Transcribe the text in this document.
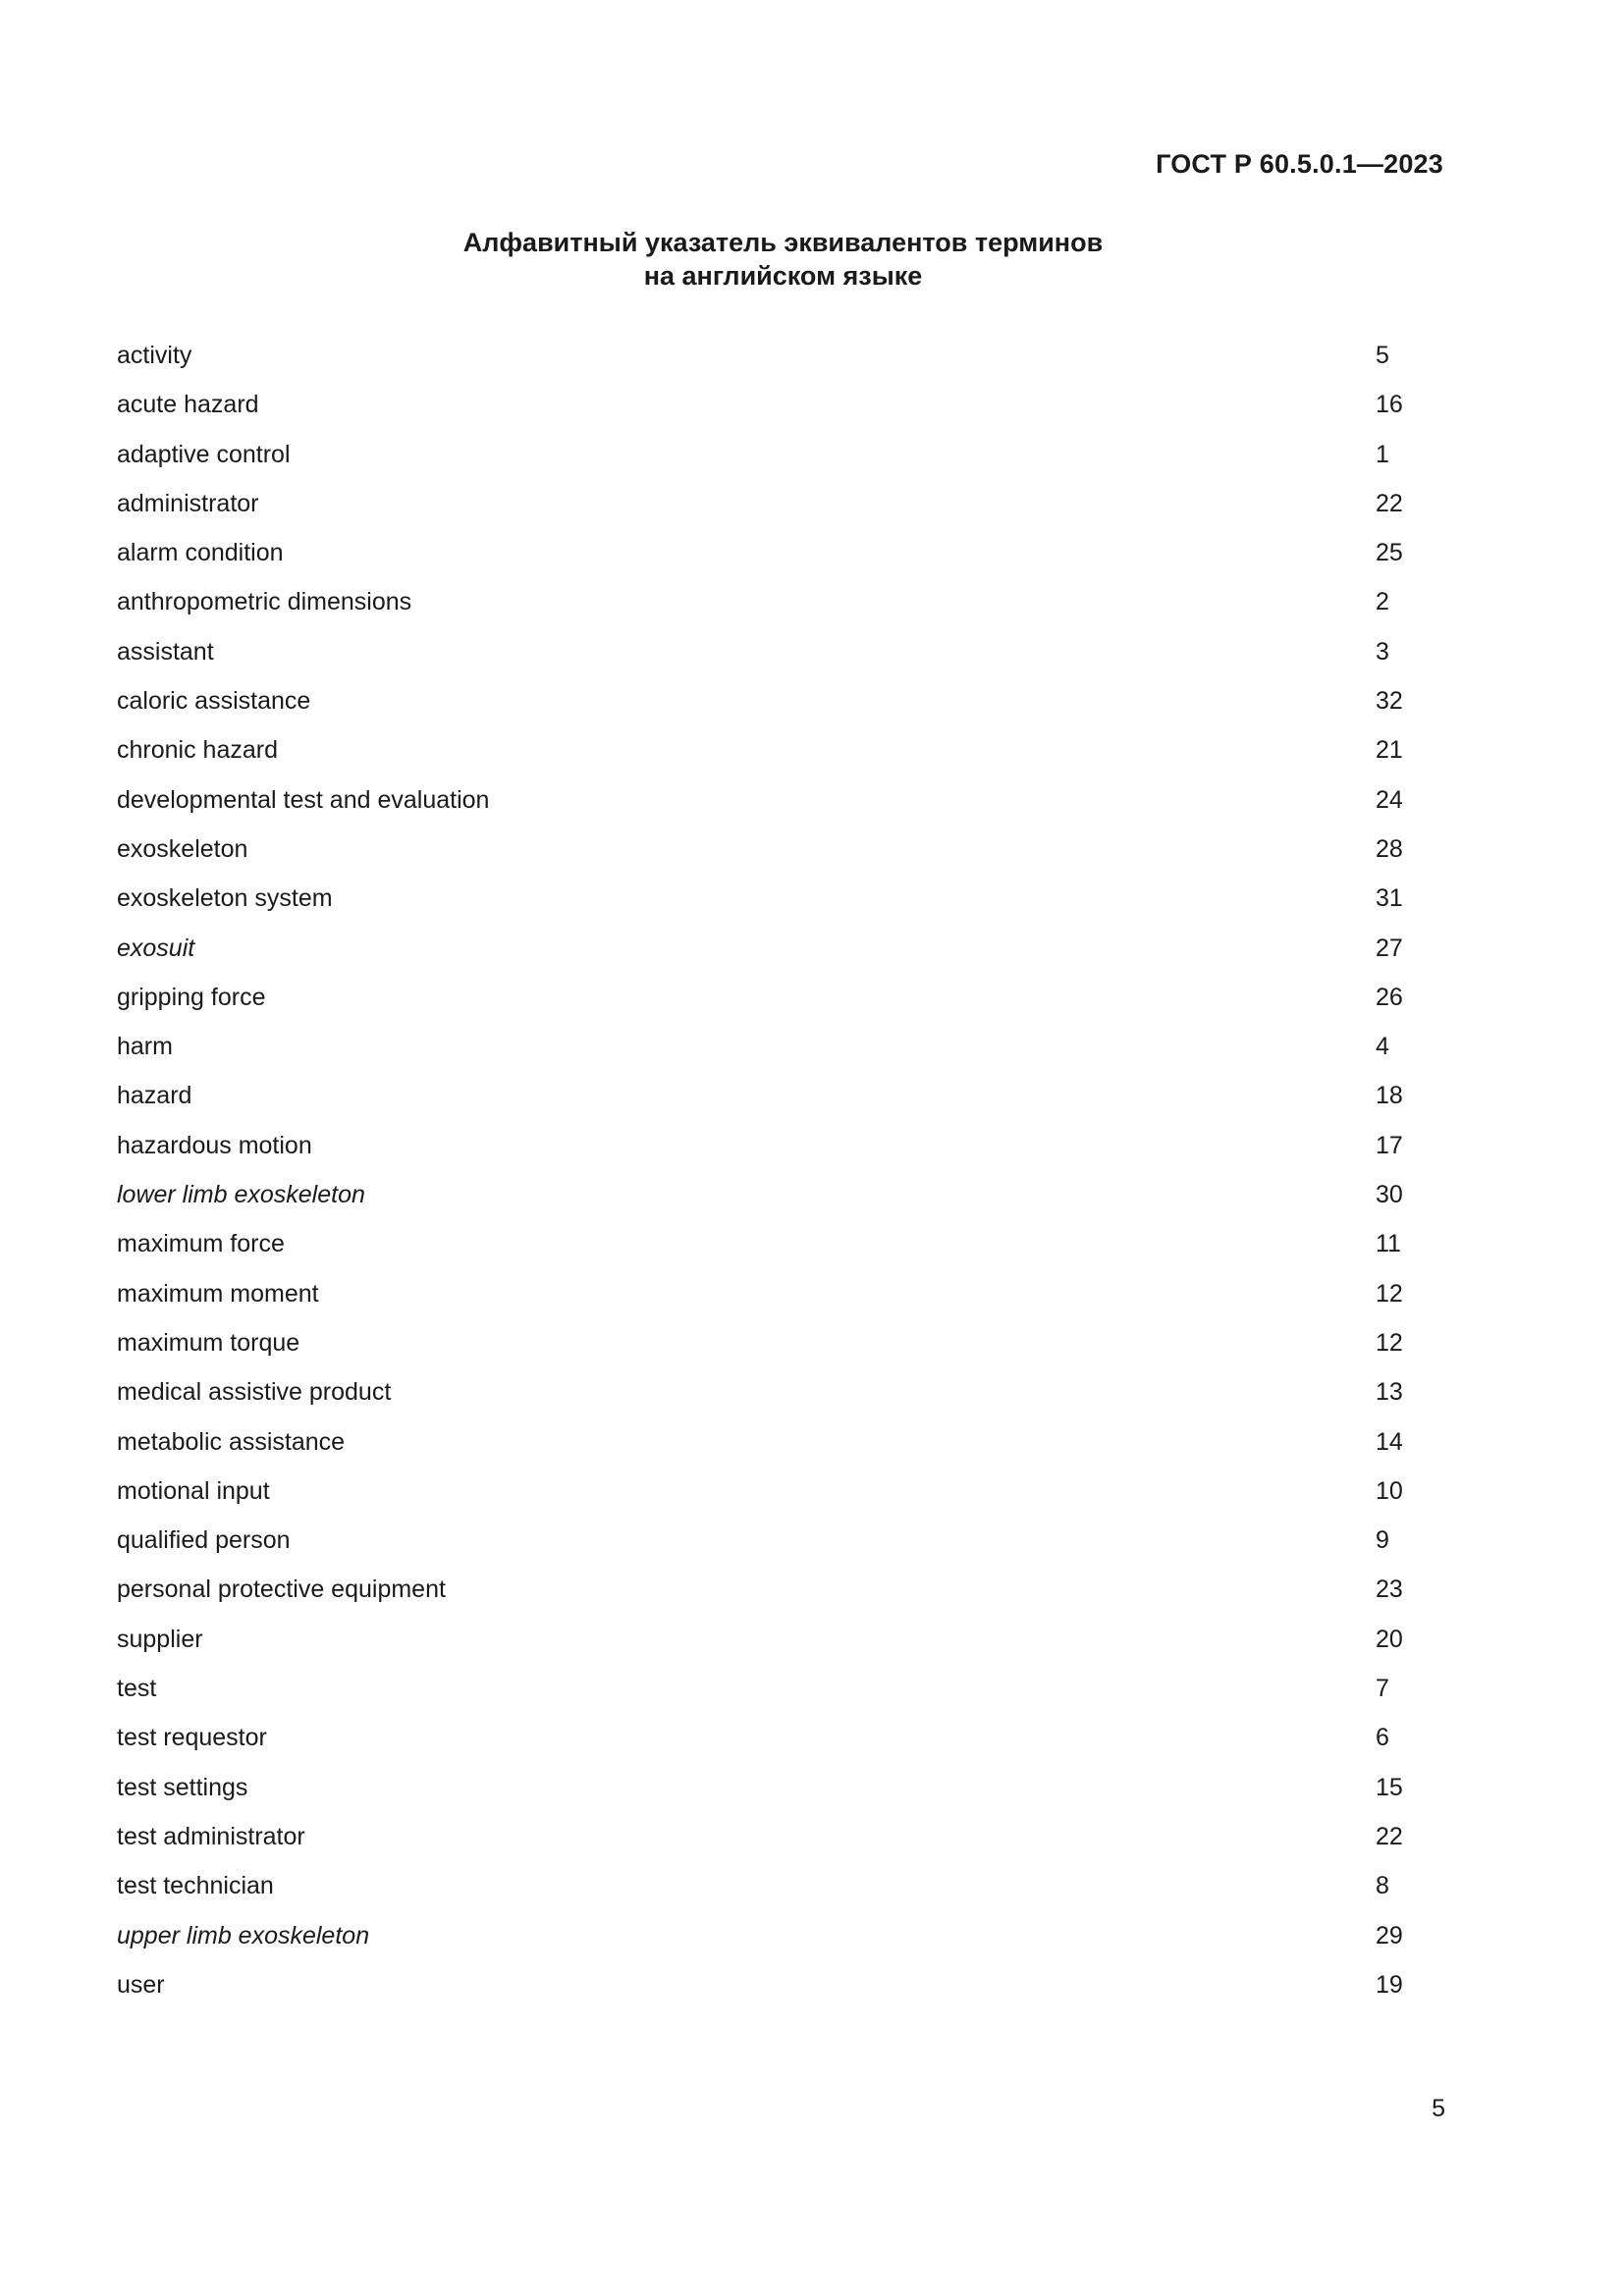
ГОСТ Р 60.5.0.1—2023
Алфавитный указатель эквивалентов терминов
на английском языке
activity	5
acute hazard	16
adaptive control	1
administrator	22
alarm condition	25
anthropometric dimensions	2
assistant	3
caloric assistance	32
chronic hazard	21
developmental test and evaluation	24
exoskeleton	28
exoskeleton system	31
exosuit	27
gripping force	26
harm	4
hazard	18
hazardous motion	17
lower limb exoskeleton	30
maximum force	11
maximum moment	12
maximum torque	12
medical assistive product	13
metabolic assistance	14
motional input	10
qualified person	9
personal protective equipment	23
supplier	20
test	7
test requestor	6
test settings	15
test administrator	22
test technician	8
upper limb exoskeleton	29
user	19
5
